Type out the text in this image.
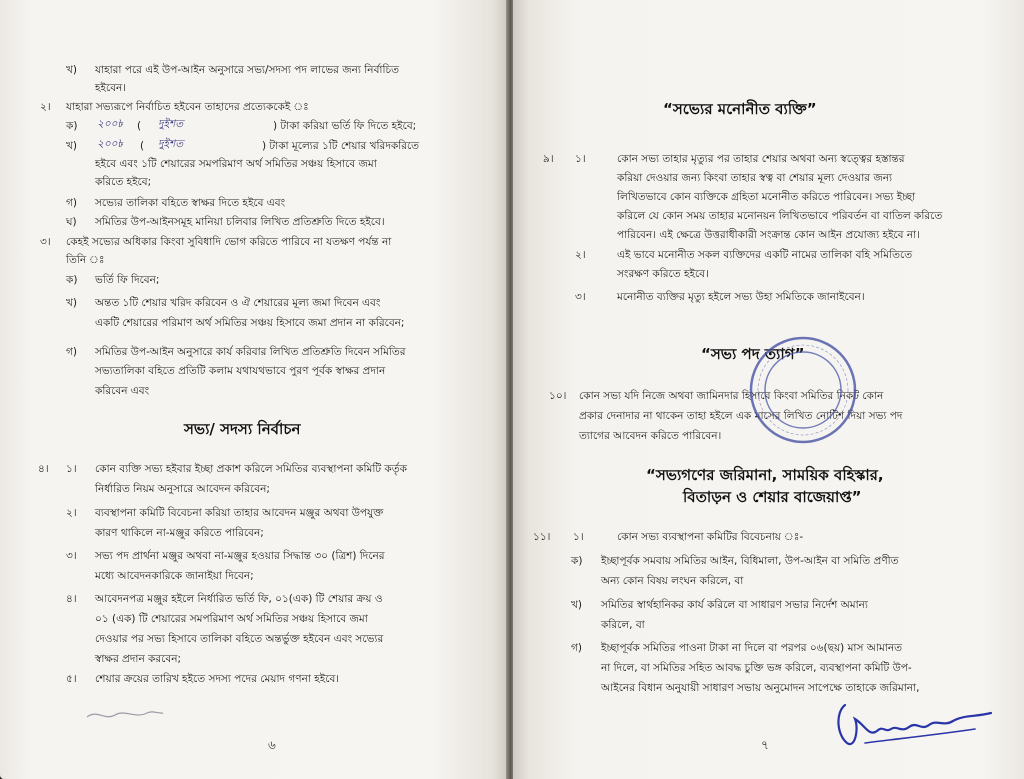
খ) যাহারা পরে এই উপ-আইন অনুসারে সভ্য/সদস্য পদ লাভের জন্য নির্বাচিত
হইবেন।
২। যাহারা সভ্যরূপে নির্বাচিত হইবেন তাহাদের প্রত্যেককেই ঃ
ক) ২০০৳ ( দুইশত	) টাকা করিয়া ভর্তি ফি দিতে হইবে;
খ) ২০০৳ ( দুইশত	) টাকা মূল্যের ১টি শেয়ার খরিদকরিতে
হইবে এবং ১টি শেয়ারের সমপরিমাণ অর্থ সমিতির সঞ্চয় হিসাবে জমা
করিতে হইবে;
গ) সভ্যের তালিকা বহিতে স্বাক্ষর দিতে হইবে এবং
ঘ) সমিতির উপ-আইনসমূহ মানিয়া চলিবার লিখিত প্রতিশ্রুতি দিতে হইবে।
৩। কেহই সভ্যের অধিকার কিংবা সুবিধাদি ভোগ করিতে পারিবে না যতক্ষণ পর্যন্ত না
তিনি ঃ
ক) ভর্তি ফি দিবেন;
খ) অন্তত ১টি শেয়ার খরিদ করিবেন ও ঐ শেয়ারের মূল্য জমা দিবেন এবং
একটি শেয়ারের পরিমাণ অর্থ সমিতির সঞ্চয় হিসাবে জমা প্রদান না করিবেন;
গ) সমিতির উপ-আইন অনুসারে কার্য করিবার লিখিত প্রতিশ্রুতি দিবেন সমিতির
সভ্যতালিকা বহিতে প্রতিটি কলাম যথাযথভাবে পুরণ পূর্বক স্বাক্ষর প্রদান
করিবেন এবং
সভ্য/ সদস্য নির্বাচন
৪। ১। কোন ব্যক্তি সভ্য হইবার ইচ্ছা প্রকাশ করিলে সমিতির ব্যবস্থাপনা কমিটি কর্তৃক
নির্ধারিত নিয়ম অনুসারে আবেদন করিবেন;
২। ব্যবস্থাপনা কমিটি বিবেচনা করিয়া তাহার আবেদন মঞ্জুর অথবা উপযুক্ত
কারণ থাকিলে না-মঞ্জুর করিতে পারিবেন;
৩। সভ্য পদ প্রার্থনা মঞ্জুর অথবা না-মঞ্জুর হওয়ার সিদ্ধান্ত ৩০ (ত্রিশ) দিনের
মধ্যে আবেদনকারিকে জানাইয়া দিবেন;
৪। আবেদনপত্র মঞ্জুর হইলে নির্ধারিত ভর্তি ফি, ০১(এক) টি শেয়ার ক্রয় ও
০১ (এক) টি শেয়ারের সমপরিমাণ অর্থ সমিতির সঞ্চয় হিসাবে জমা
দেওয়ার পর সভ্য হিসাবে তালিকা বহিতে অন্তর্ভুক্ত হইবেন এবং সভ্যের
স্বাক্ষর প্রদান করবেন;
৫। শেয়ার ক্রয়ের তারিখ হইতে সদস্য পদের মেয়াদ গণনা হইবে।
৬
“সভ্যের মনোনীত ব্যক্তি”
৯। ১।	কোন সভ্য তাহার মৃত্যুর পর তাহার শেয়ার অথবা অন্য স্বত্ত্বের হস্তান্তর
করিয়া দেওয়ার জন্য কিংবা তাহার স্বত্ব বা শেয়ার মূল্য দেওয়ার জন্য
লিখিতভাবে কোন ব্যক্তিকে গ্রহিতা মনোনীত করিতে পারিবেন। সভ্য ইচ্ছা
করিলে যে কোন সময় তাহার মনোনয়ন লিখিতভাবে পরিবর্তন বা বাতিল করিতে
পারিবেন। এই ক্ষেত্রে উত্তরাধীকারী সংক্রান্ত কোন আইন প্রযোজ্য হইবে না।
২।	এই ভাবে মনোনীত সকল ব্যক্তিদের একটি নামের তালিকা বহি সমিতিতে
সংরক্ষণ করিতে হইবে।
৩।	মনোনীত ব্যক্তির মৃত্যু হইলে সভ্য উহা সমিতিকে জানাইবেন।
“সভ্য পদ ত্যাগ”
১০। কোন সভ্য যদি নিজে অথবা জামিনদার হিসাবে কিংবা সমিতির নিকট কোন
প্রকার দেনাদার না থাকেন তাহা হইলে এক মাসের লিখিত নোটিশ দিয়া সভ্য পদ
ত্যাগের আবেদন করিতে পারিবেন।
“সভ্যগণের জরিমানা, সাময়িক বহিস্কার,
বিতাড়ন ও শেয়ার বাজেয়াপ্ত”
১১। ১।	কোন সভ্য ব্যবস্থাপনা কমিটির বিবেচনায় ঃ-
ক) ইচ্ছাপূর্বক সমবায় সমিতির আইন, বিধিমালা, উপ-আইন বা সমিতি প্রণীত
অন্য কোন বিষয় লংঘন করিলে, বা
খ) সমিতির স্বার্থহানিকর কার্য করিলে বা সাধারণ সভার নির্দেশ অমান্য
করিলে, বা
গ) ইচ্ছাপূর্বক সমিতির পাওনা টাকা না দিলে বা পরপর ০৬(ছয়) মাস আমানত
না দিলে, বা সমিতির সহিত আবদ্ধ চুক্তি ভঙ্গ করিলে, ব্যবস্থাপনা কমিটি উপ-
আইনের বিধান অনুযায়ী সাধারণ সভায় অনুমোদন সাপেক্ষে তাহাকে জরিমানা,
৭
